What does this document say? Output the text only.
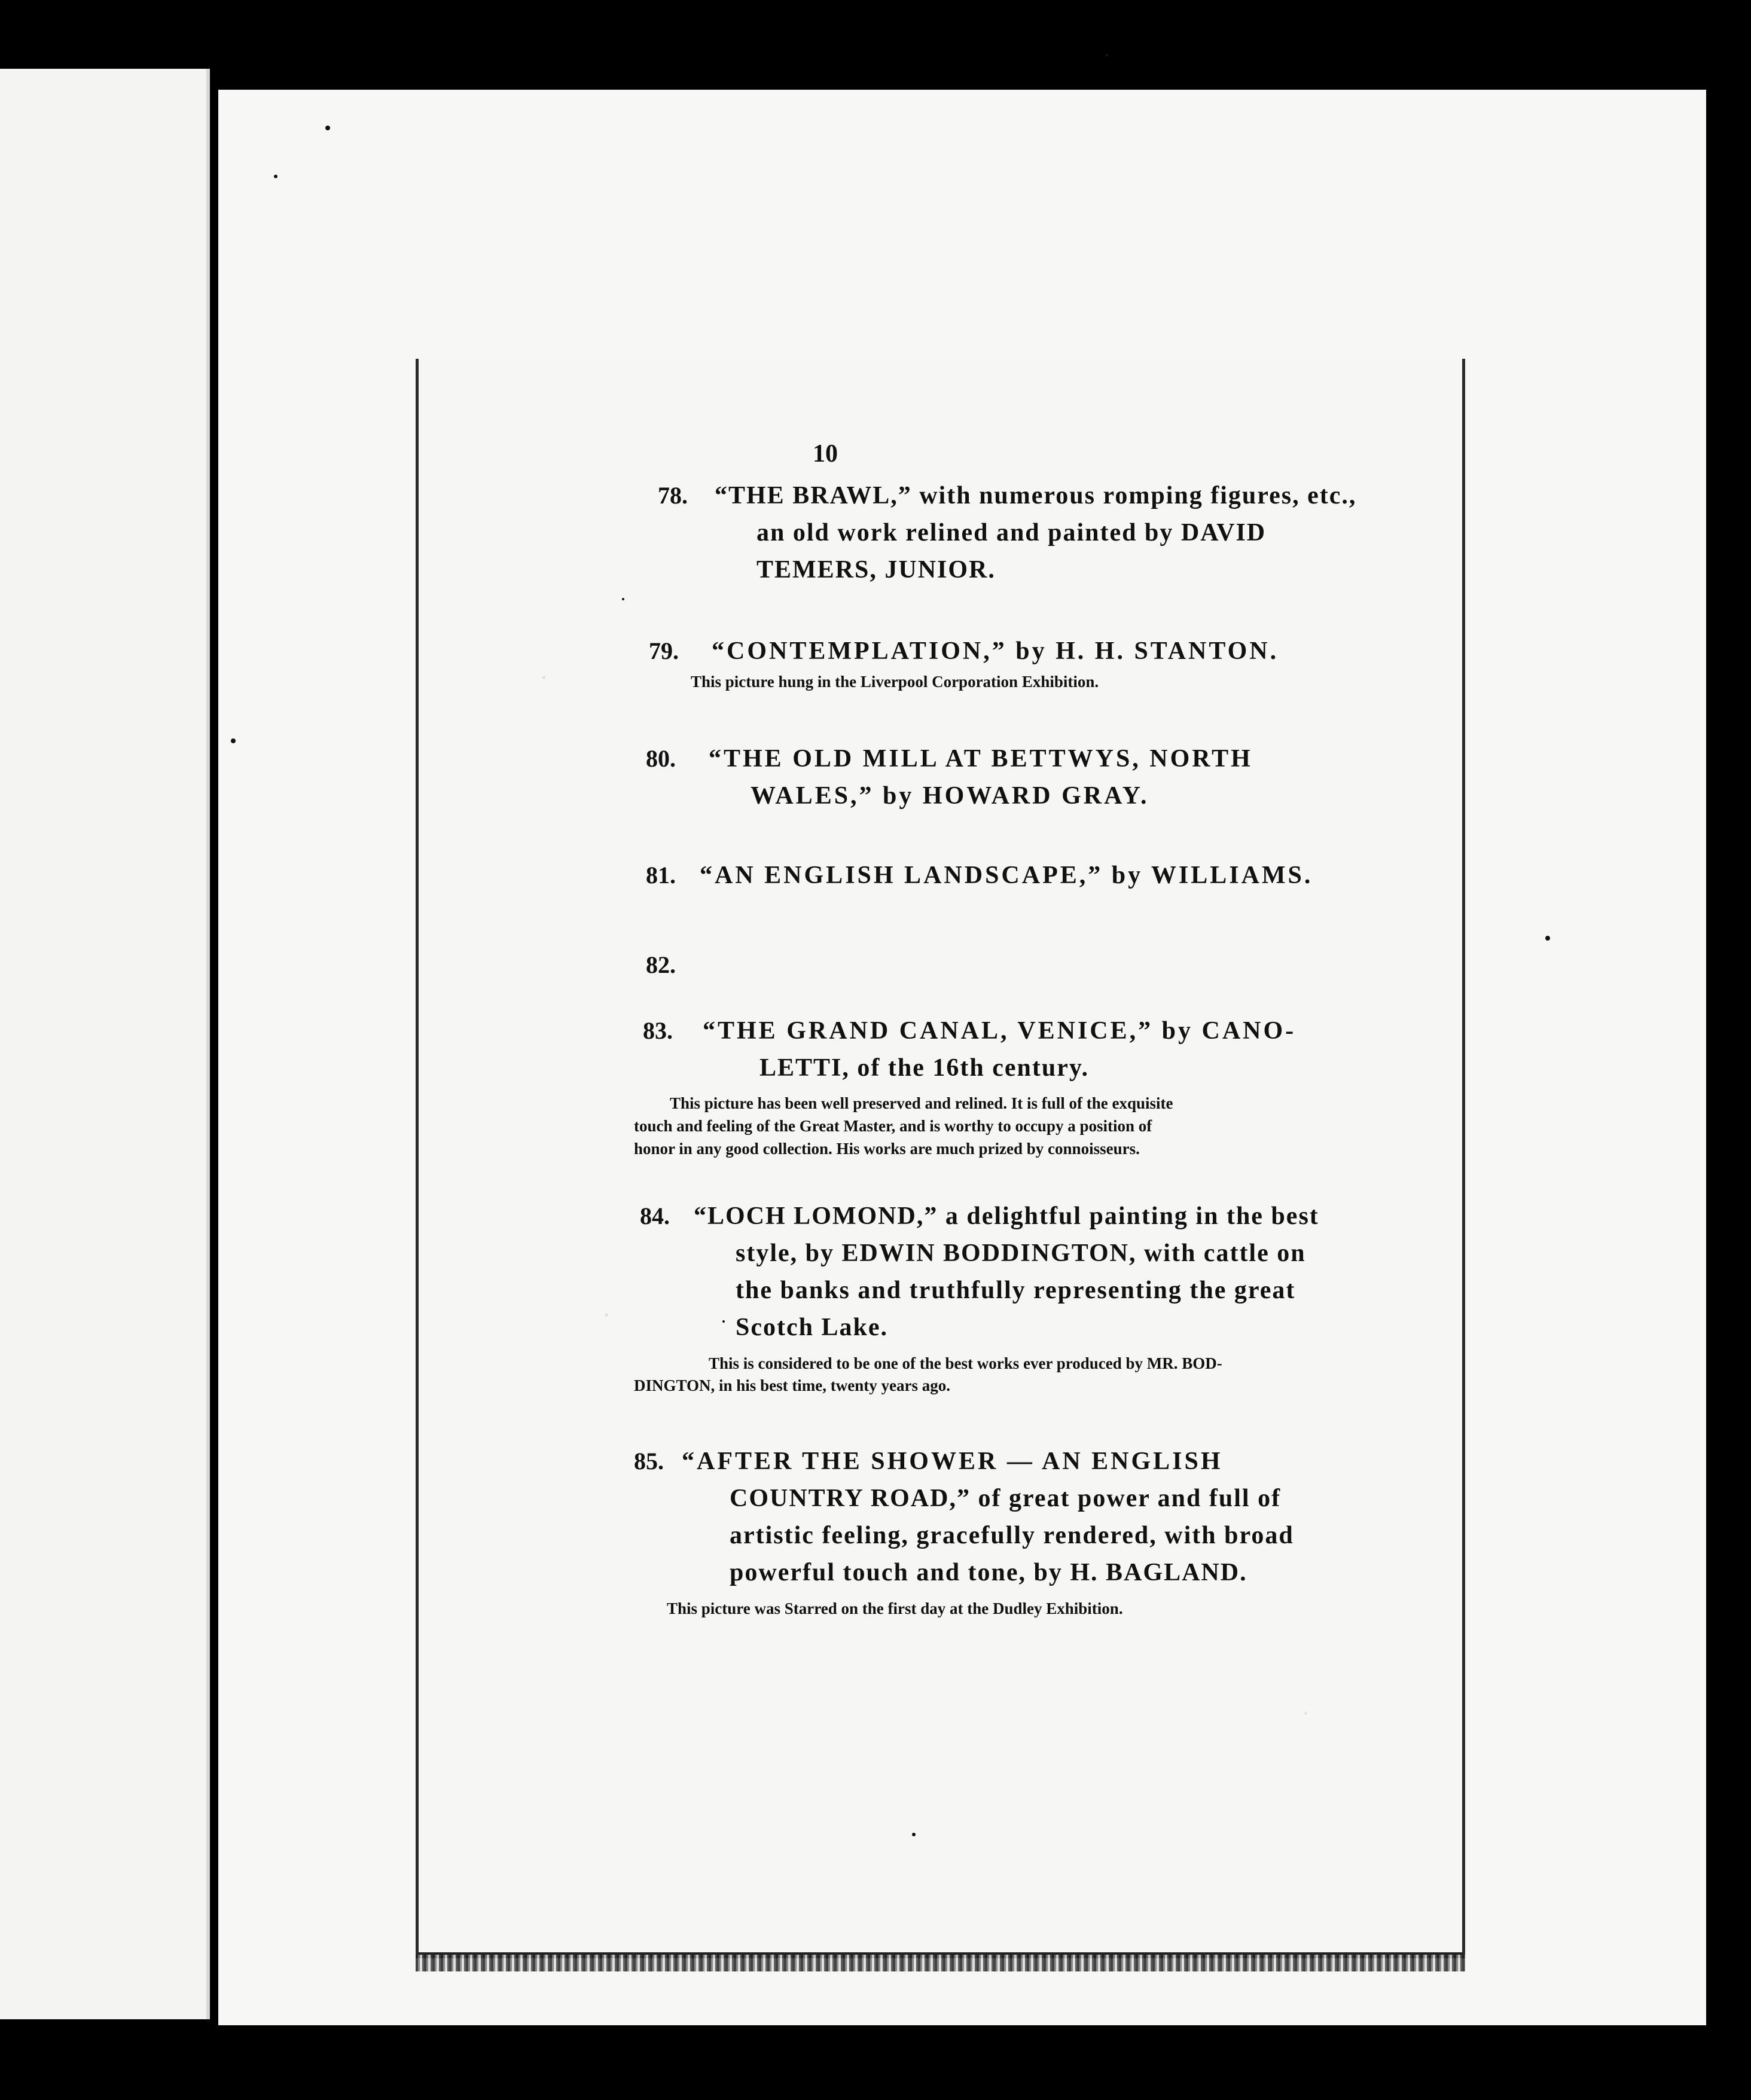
10
78.	“THE BRAWL,” with numerous romping figures, etc.,
an old work relined and painted by DAVID
TEMERS, JUNIOR.
79.	“CONTEMPLATION,” by H. H. STANTON.
This picture hung in the Liverpool Corporation Exhibition.
80.	“THE OLD MILL AT BETTWYS, NORTH
WALES,” by HOWARD GRAY.
81. “AN ENGLISH LANDSCAPE,” by WILLIAMS.
82.
83.	“THE GRAND CANAL, VENICE,” by CANO-
LETTI, of the 16th century.
This picture has been well preserved and relined. It is full of the exquisite
touch and feeling of the Great Master, and is worthy to occupy a position of
honor in any good collection. His works are much prized by connoisseurs.
84. “LOCH LOMOND,” a delightful painting in the best
style, by EDWIN BODDINGTON, with cattle on
the banks and truthfully representing the great
Scotch Lake.
This is considered to be one of the best works ever produced by MR. BOD-
DINGTON, in his best time, twenty years ago.
85. “AFTER THE SHOWER — AN ENGLISH
COUNTRY ROAD,” of great power and full of
artistic feeling, gracefully rendered, with broad
powerful touch and tone, by H. BAGLAND.
This picture was Starred on the first day at the Dudley Exhibition.
